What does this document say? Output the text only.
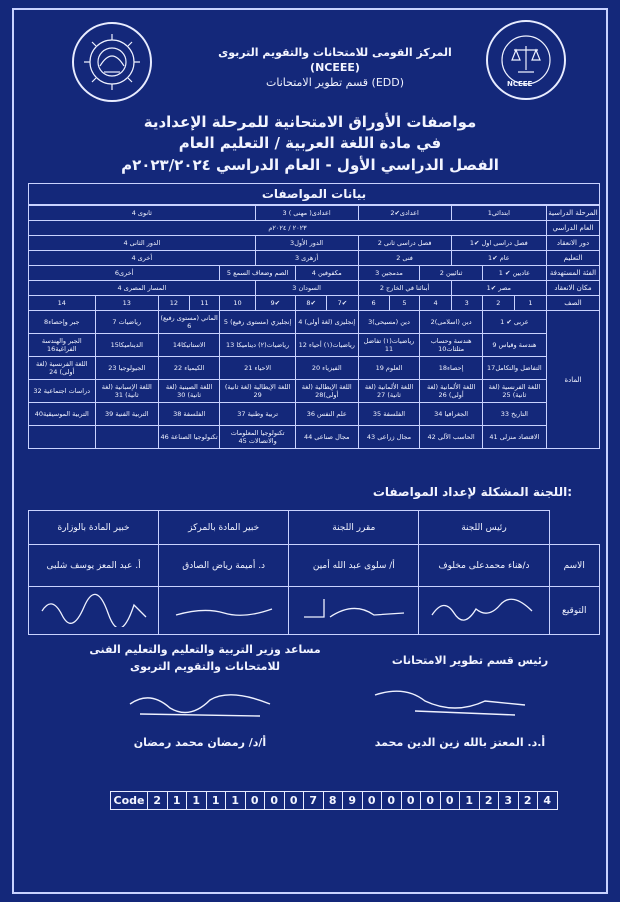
NCEEE
المركز القومى للامتحانات والتقويم التربوى (NCEEE)
قسم تطوير الامتحانات (EDD)
مواصفات الأوراق الامتحانية للمرحلة الإعدادية
في مادة اللغة العربية / التعليم العام
الفصل الدراسي الأول - العام الدراسي ٢٠٢٣/٢٠٢٤م
بيانات المواصفات
المرحلة الدراسية	ابتدائى1			اعدادى✔2			اعدادى( مهنى ) 3			ثانوى 4				
العام الدراسي	٢٠٢٣ / ٢٠٢٤م													
دور الانعقاد	فصل دراسى اول ✔1			فصل دراسى ثانى 2			الدور الأول3			الدور الثانى 4				
التعليم	عام ✔1			فنى 2			أزهرى 3			أخرى 4				
الفئة المستهدفة	عاديين ✔ 1		ثنائيين 2		مدمجين 3		مكفوفين 4		الصم وضعاف السمع 5		أخرى6			
مكان الانعقاد	مصر ✔1			أبنائنا في الخارج 2			السودان 3			المسار المصرى 4				
الصف	1	2	3	4	5	6	✔7	✔8	✔9	10	11	12	13	14
المادة	عربى ✔ 1		دين (اسلامى)2		دين (مسيحى)3		إنجليزى (لغة أولى) 4		إنجليزي (مستوى رفيع) 5		الماني (مستوى رفيع) 6		رياضيات 7	جبر وإحصاء8
	هندسة وقياس 9		هندسة وحساب مثلثات10		رياضيات(١) تفاضل 11		رياضيات(١) أحياء 12		رياضيات(٢) ديناميكا 13		الاستاتيكا14		الديناميكا15	الجبر والهندسة الفراغية16
	التفاضل والتكامل17		إحصاء18		العلوم 19		الفيزياء 20		الاحياء 21		الكيمياء 22		الجيولوجيا 23	اللغة الفرنسية (لغة أولى) 24
	اللغة الفرنسية (لغة ثانية) 25		اللغة الألمانية (لغة أولى) 26		اللغة الألمانية (لغة ثانية) 27		اللغة الإيطالية (لغة أولى)28		اللغة الإيطالية (لغة ثانية) 29		اللغة الصينية (لغة ثانية) 30		اللغة الإسبانية (لغة ثانية) 31	دراسات اجتماعية 32
	التاريخ 33		الجغرافيا 34		الفلسفة 35		علم النفس 36		تربية وطنية 37		الفلسفة 38		التربية الفنية 39	التربية الموسيقية40
	الاقتصاد منزلى 41		الحاسب الآلى 42		مجال زراعى 43		مجال صناعى 44		تكنولوجيا المعلومات والاتصالات 45		تكنولوجيا الصناعة 46			
اللجنة المشكلة لإعداد المواصفات:
	رئيس اللجنة	مقرر اللجنة	خبير المادة بالمركز	خبير المادة بالوزارة
الاسم	د/هناء محمدعلى مخلوف	أ/ سلوى عبد الله أمين	د. أميمة رياض الصادق	أ. عبد المعز يوسف شلبى
التوقيع				
رئيس قسم تطوير الامتحانات
مساعد وزير التربية والتعليم والتعليم الفنى
للامتحانات والتقويم التربوى
أ.د. المعتز بالله زين الدين محمد
أ/د/ رمضان محمد رمضان
Code 2	1	1	1	1	0	0	0	7	8	9	0	0	0	0	0	1	2	3	2	4
